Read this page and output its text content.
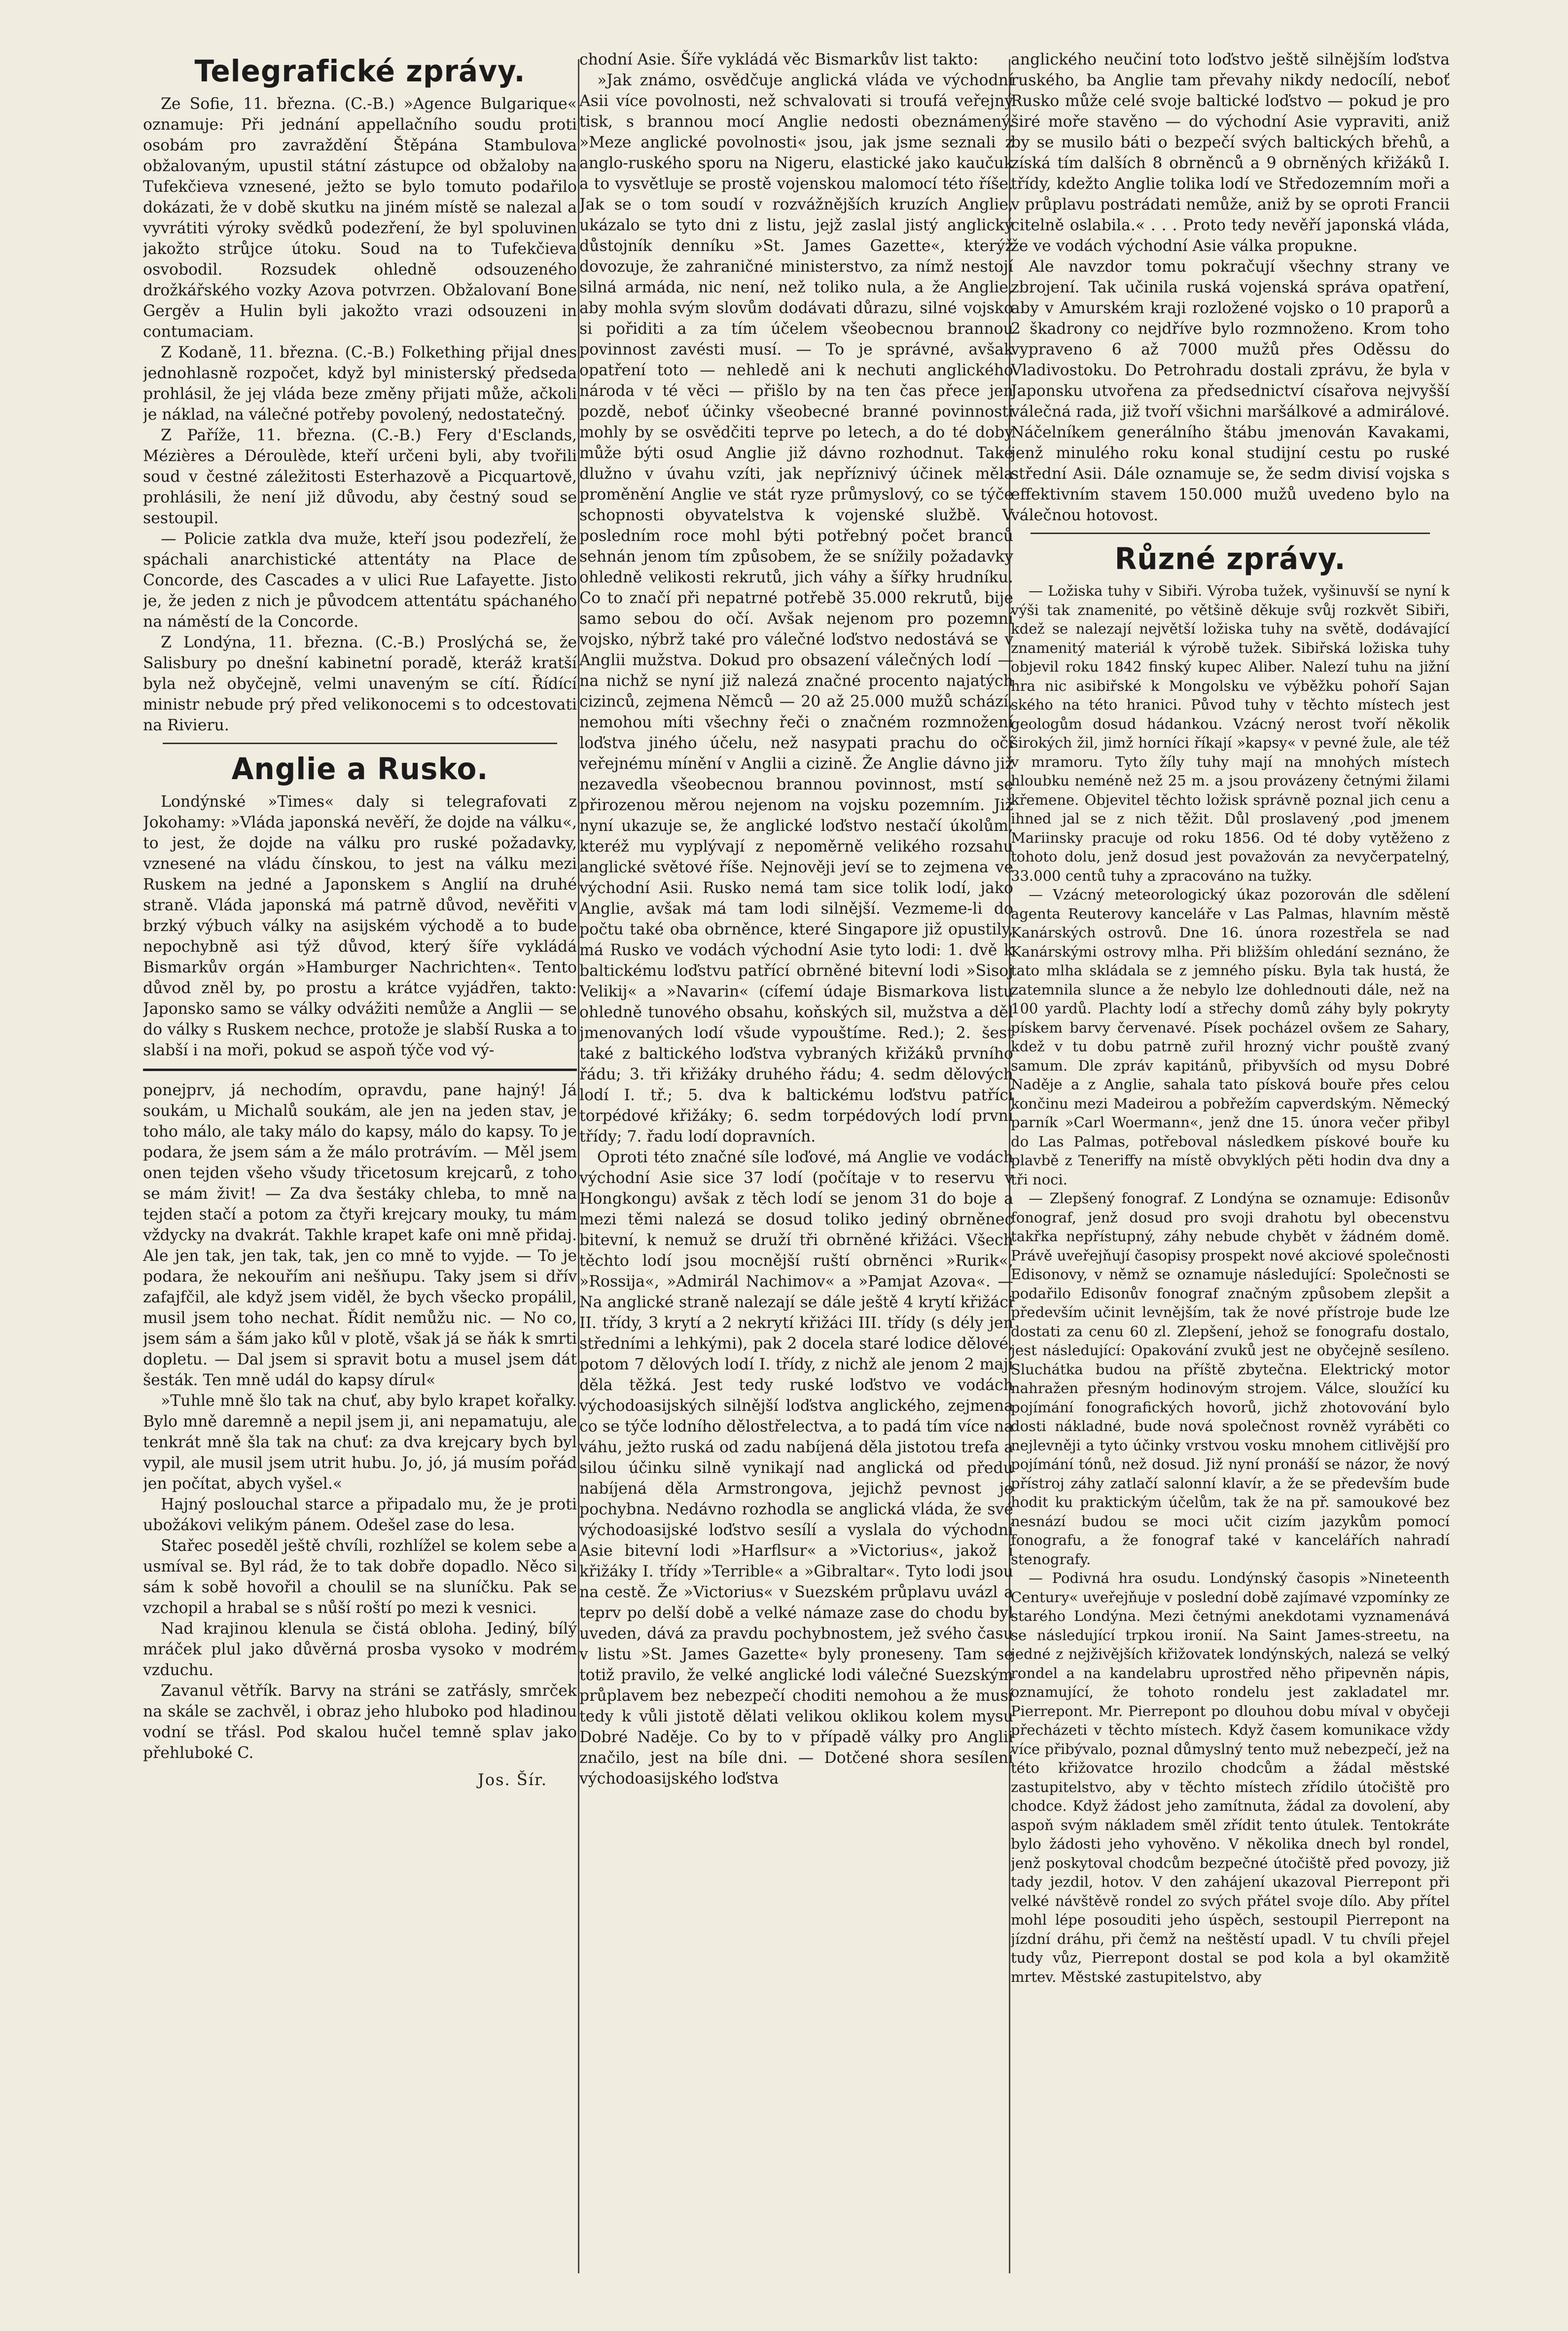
Telegrafické zprávy.

Ze Sofie, 11. března. (C.-B.) »Agence Bulgarique« oznamuje: Při jednání appellačního soudu proti osobám pro zavraždění Štěpána Stambulova obžalovaným, upustil státní zástupce od obžaloby na Tufekčieva vznesené, ježto se bylo tomuto podařilo dokázati, že v době skutku na jiném místě se nalezal a vyvrátiti výroky svědků podezření, že byl spoluvinen jakožto strůjce útoku. Soud na to Tufekčieva osvobodil. Rozsudek ohledně odsouzeného drožkářského vozky Azova potvrzen. Obžalovaní Bone Gergěv a Hulin byli jakožto vrazi odsouzeni in contumaciam.

Z Kodaně, 11. března. (C.-B.) Folkething přijal dnes jednohlasně rozpočet, když byl ministerský předseda prohlásil, že jej vláda beze změny přijati může, ačkoli je náklad, na válečné potřeby povolený, nedostatečný.

Z Paříže, 11. března. (C.-B.) Fery d'Esclands, Mézières a Déroulède, kteří určeni byli, aby tvořili soud v čestné záležitosti Esterhazově a Picquartově, prohlásili, že není již důvodu, aby čestný soud se sestoupil.

— Policie zatkla dva muže, kteří jsou podezřelí, že spáchali anarchistické attentáty na Place de Concorde, des Cascades a v ulici Rue Lafayette. Jisto je, že jeden z nich je původcem attentátu spáchaného na náměstí de la Concorde.

Z Londýna, 11. března. (C.-B.) Proslýchá se, že Salisbury po dnešní kabinetní poradě, kteráž kratší byla než obyčejně, velmi unaveným se cítí. Řídící ministr nebude prý před velikonocemi s to odcestovati na Rivieru.

Anglie a Rusko.

Londýnské »Times« daly si telegrafovati z Jokohamy: »Vláda japonská nevěří, že dojde na válku«, to jest, že dojde na válku pro ruské požadavky, vznesené na vládu čínskou, to jest na válku mezi Ruskem na jedné a Japonskem s Anglií na druhé straně. Vláda japonská má patrně důvod, nevěřiti v brzký výbuch války na asijském východě a to bude nepochybně asi týž důvod, který šíře vykládá Bismarkův orgán »Hamburger Nachrichten«. Tento důvod zněl by, po prostu a krátce vyjádřen, takto: Japonsko samo se války odvážiti nemůže a Anglii — se do války s Ruskem nechce, protože je slabší Ruska a to slabší i na moři, pokud se aspoň týče vod vý-

ponejprv, já nechodím, opravdu, pane hajný! Já soukám, u Michalů soukám, ale jen na jeden stav, je toho málo, ale taky málo do kapsy, málo do kapsy. To je podara, že jsem sám a že málo protrávím. — Měl jsem onen tejden všeho všudy třicetosum krejcarů, z toho se mám živit! — Za dva šestáky chleba, to mně na tejden stačí a potom za čtyři krejcary mouky, tu mám vždycky na dvakrát. Takhle krapet kafe oni mně přidaj. Ale jen tak, jen tak, tak, jen co mně to vyjde. — To je podara, že nekouřím ani nešňupu. Taky jsem si dřív zafajfčil, ale když jsem viděl, že bych všecko propálil, musil jsem toho nechat. Řídit nemůžu nic. — No co, jsem sám a šám jako kůl v plotě, však já se ňák k smrti dopletu. — Dal jsem si spravit botu a musel jsem dát šesták. Ten mně udál do kapsy dírul«

»Tuhle mně šlo tak na chuť, aby bylo krapet kořalky. Bylo mně daremně a nepil jsem ji, ani nepamatuju, ale tenkrát mně šla tak na chuť: za dva krejcary bych byl vypil, ale musil jsem utrit hubu. Jo, jó, já musím pořád jen počítat, abych vyšel.«

Hajný poslouchal starce a připadalo mu, že je proti ubožákovi velikým pánem. Odešel zase do lesa.

Stařec poseděl ještě chvíli, rozhlížel se kolem sebe a usmíval se. Byl rád, že to tak dobře dopadlo. Něco si sám k sobě hovořil a choulil se na sluníčku. Pak se vzchopil a hrabal se s nůší roští po mezi k vesnici.

Nad krajinou klenula se čistá obloha. Jediný, bílý mráček plul jako důvěrná prosba vysoko v modrém vzduchu.

Zavanul větřík. Barvy na stráni se zatřásly, smrček na skále se zachvěl, i obraz jeho hluboko pod hladinou vodní se třásl. Pod skalou hučel temně splav jako přehluboké C.

Jos. Šír.

chodní Asie. Šíře vykládá věc Bismarkův list takto:

»Jak známo, osvědčuje anglická vláda ve východní Asii více povolnosti, než schvalovati si troufá veřejný tisk, s brannou mocí Anglie nedosti obeznámený. »Meze anglické povolnosti« jsou, jak jsme seznali z anglo-ruského sporu na Nigeru, elastické jako kaučuk a to vysvětluje se prostě vojenskou malomocí této říše. Jak se o tom soudí v rozvážnějších kruzích Anglie, ukázalo se tyto dni z listu, jejž zaslal jistý anglický důstojník denníku »St. James Gazette«, kterýž dovozuje, že zahraničné ministerstvo, za nímž nestojí silná armáda, nic není, než toliko nula, a že Anglie, aby mohla svým slovům dodávati důrazu, silné vojsko si pořiditi a za tím účelem všeobecnou brannou povinnost zavésti musí. — To je správné, avšak opatření toto — nehledě ani k nechuti anglického národa v té věci — přišlo by na ten čas přece jen pozdě, neboť účinky všeobecné branné povinnosti mohly by se osvědčiti teprve po letech, a do té doby může býti osud Anglie již dávno rozhodnut. Také dlužno v úvahu vzíti, jak nepříznivý účinek měla proměnění Anglie ve stát ryze průmyslový, co se týče schopnosti obyvatelstva k vojenské službě. V posledním roce mohl býti potřebný počet branců sehnán jenom tím způsobem, že se snížily požadavky ohledně velikosti rekrutů, jich váhy a šířky hrudníku. Co to značí při nepatrné potřebě 35.000 rekrutů, bije samo sebou do očí. Avšak nejenom pro pozemní vojsko, nýbrž také pro válečné loďstvo nedostává se v Anglii mužstva. Dokud pro obsazení válečných lodí — na nichž se nyní již nalezá značné procento najatých cizinců, zejmena Němců — 20 až 25.000 mužů schází, nemohou míti všechny řeči o značném rozmnožení loďstva jiného účelu, než nasypati prachu do očí veřejnému mínění v Anglii a cizině. Že Anglie dávno již nezavedla všeobecnou brannou povinnost, mstí se přirozenou měrou nejenom na vojsku pozemním. Již nyní ukazuje se, že anglické loďstvo nestačí úkolům, kteréž mu vyplývají z nepoměrně velikého rozsahu anglické světové říše. Nejnověji jeví se to zejmena ve východní Asii. Rusko nemá tam sice tolik lodí, jako Anglie, avšak má tam lodi silnější. Vezmeme-li do počtu také oba obrněnce, které Singapore již opustily, má Rusko ve vodách východní Asie tyto lodi: 1. dvě k baltickému loďstvu patřící obrněné bitevní lodi »Sisoj Velikij« a »Navarin« (cífemí údaje Bismarkova listu ohledně tunového obsahu, koňských sil, mužstva a děl jmenovaných lodí všude vypouštíme. Red.); 2. šest také z baltického loďstva vybraných křižáků prvního řádu; 3. tři křižáky druhého řádu; 4. sedm dělových lodí I. tř.; 5. dva k baltickému loďstvu patřící torpédové křižáky; 6. sedm torpédových lodí první třídy; 7. řadu lodí dopravních.

Oproti této značné síle loďové, má Anglie ve vodách východní Asie sice 37 lodí (počítaje v to reservu v Hongkongu) avšak z těch lodí se jenom 31 do boje a mezi těmi nalezá se dosud toliko jediný obrněnec bitevní, k nemuž se druží tři obrněné křižáci. Všech těchto lodí jsou mocnější ruští obrněnci »Rurik«, »Rossija«, »Admirál Nachimov« a »Pamjat Azova«. — Na anglické straně nalezají se dále ještě 4 krytí křižáci II. třídy, 3 krytí a 2 nekrytí křižáci III. třídy (s dély jen středními a lehkými), pak 2 docela staré lodice dělové, potom 7 dělových lodí I. třídy, z nichž ale jenom 2 mají děla těžká. Jest tedy ruské loďstvo ve vodách východoasijských silnější loďstva anglického, zejmena co se týče lodního dělostřelectva, a to padá tím více na váhu, ježto ruská od zadu nabíjená děla jistotou trefa a silou účinku silně vynikají nad anglická od předu nabíjená děla Armstrongova, jejichž pevnost je pochybna. Nedávno rozhodla se anglická vláda, že své východoasijské loďstvo sesílí a vyslala do východní Asie bitevní lodi »Harflsur« a »Victorius«, jakož i křižáky I. třídy »Terrible« a »Gibraltar«. Tyto lodi jsou na cestě. Že »Victorius« v Suezském průplavu uvázl a teprv po delší době a velké námaze zase do chodu byl uveden, dává za pravdu pochybnostem, jež svého času v listu »St. James Gazette« byly proneseny. Tam se totiž pravilo, že velké anglické lodi válečné Suezským průplavem bez nebezpečí choditi nemohou a že musí tedy k vůli jistotě dělati velikou oklikou kolem mysu Dobré Naděje. Co by to v případě války pro Anglii značilo, jest na bíle dni. — Dotčené shora sesílení východoasijského loďstva

anglického neučiní toto loďstvo ještě silnějším loďstva ruského, ba Anglie tam převahy nikdy nedocílí, neboť Rusko může celé svoje baltické loďstvo — pokud je pro širé moře stavěno — do východní Asie vypraviti, aniž by se musilo báti o bezpečí svých baltických břehů, a získá tím dalších 8 obrněnců a 9 obrněných křižáků I. třídy, kdežto Anglie tolika lodí ve Středozemním moři a v průplavu postrádati nemůže, aniž by se oproti Francii citelně oslabila.« . . . Proto tedy nevěří japonská vláda, že ve vodách východní Asie válka propukne.

Ale navzdor tomu pokračují všechny strany ve zbrojení. Tak učinila ruská vojenská správa opatření, aby v Amurském kraji rozložené vojsko o 10 praporů a 2 škadrony co nejdříve bylo rozmnoženo. Krom toho vypraveno 6 až 7000 mužů přes Oděssu do Vladivostoku. Do Petrohradu dostali zprávu, že byla v Japonsku utvořena za předsednictví císařova nejvyšší válečná rada, již tvoří všichni maršálkové a admirálové. Náčelníkem generálního štábu jmenován Kavakami, jenž minulého roku konal studijní cestu po ruské střední Asii. Dále oznamuje se, že sedm divisí vojska s effektivním stavem 150.000 mužů uvedeno bylo na válečnou hotovost.

Různé zprávy.

— Ložiska tuhy v Sibiři. Výroba tužek, vyšinuvší se nyní k výši tak znamenité, po většině děkuje svůj rozkvět Sibiři, kdež se nalezají největší ložiska tuhy na světě, dodávající znamenitý materiál k výrobě tužek. Sibiřská ložiska tuhy objevil roku 1842 finský kupec Aliber. Nalezí tuhu na jižní hra nic asibiřské k Mongolsku ve výběžku pohoří Sajan ského na této hranici. Původ tuhy v těchto místech jest geologům dosud hádankou. Vzácný nerost tvoří několik širokých žil, jimž horníci říkají »kapsy« v pevné žule, ale též v mramoru. Tyto žíly tuhy mají na mnohých místech hloubku neméně než 25 m. a jsou provázeny četnými žilami křemene. Objevitel těchto ložisk správně poznal jich cenu a ihned jal se z nich těžit. Důl proslavený ,pod jmenem Mariinsky pracuje od roku 1856. Od té doby vytěženo z tohoto dolu, jenž dosud jest považován za nevyčerpatelný, 33.000 centů tuhy a zpracováno na tužky.

— Vzácný meteorologický úkaz pozorován dle sdělení agenta Reuterovy kanceláře v Las Palmas, hlavním městě Kanárských ostrovů. Dne 16. února rozestřela se nad Kanárskými ostrovy mlha. Při bližším ohledání seznáno, že tato mlha skládala se z jemného písku. Byla tak hustá, že zatemnila slunce a že nebylo lze dohlednouti dále, než na 100 yardů. Plachty lodí a střechy domů záhy byly pokryty pískem barvy červenavé. Písek pocházel ovšem ze Sahary, kdež v tu dobu patrně zuřil hrozný vichr pouště zvaný samum. Dle zpráv kapitánů, přibyvších od mysu Dobré Naděje a z Anglie, sahala tato písková bouře přes celou končinu mezi Madeirou a pobřežím capverdským. Německý parník »Carl Woermann«, jenž dne 15. února večer přibyl do Las Palmas, potřeboval následkem pískové bouře ku plavbě z Teneriffy na místě obvyklých pěti hodin dva dny a tři noci.

— Zlepšený fonograf. Z Londýna se oznamuje: Edisonův fonograf, jenž dosud pro svoji drahotu byl obecenstvu takřka nepřístupný, záhy nebude chybět v žádném domě. Právě uveřejňují časopisy prospekt nové akciové společnosti Edisonovy, v němž se oznamuje následující: Společnosti se podařilo Edisonův fonograf značným způsobem zlepšit a především učinit levnějším, tak že nové přístroje bude lze dostati za cenu 60 zl. Zlepšení, jehož se fonografu dostalo, jest následující: Opakování zvuků jest ne obyčejně sesíleno. Sluchátka budou na příště zbytečna. Elektrický motor nahražen přesným hodinovým strojem. Válce, sloužící ku pojímání fonografických hovorů, jichž zhotovování bylo dosti nákladné, bude nová společnost rovněž vyráběti co nejlevněji a tyto účinky vrstvou vosku mnohem citlivější pro pojímání tónů, než dosud. Již nyní pronáší se názor, že nový přístroj záhy zatlačí salonní klavír, a že se především bude hodit ku praktickým účelům, tak že na př. samoukové bez nesnází budou se moci učit cizím jazykům pomocí fonografu, a že fonograf také v kancelářích nahradí stenografy.

— Podivná hra osudu. Londýnský časopis »Nineteenth Century« uveřejňuje v poslední době zajímavé vzpomínky ze starého Londýna. Mezi četnými anekdotami vyznamenává se následující trpkou ironií. Na Saint James-streetu, na jedné z nejživějších křižovatek londýnských, nalezá se velký rondel a na kandelabru uprostřed něho připevněn nápis, oznamující, že tohoto rondelu jest zakladatel mr. Pierrepont. Mr. Pierrepont po dlouhou dobu míval v obyčeji přecházeti v těchto místech. Když časem komunikace vždy více přibývalo, poznal důmyslný tento muž nebezpečí, jež na této křižovatce hrozilo chodcům a žádal městské zastupitelstvo, aby v těchto místech zřídilo útočiště pro chodce. Když žádost jeho zamítnuta, žádal za dovolení, aby aspoň svým nákladem směl zřídit tento útulek. Tentokráte bylo žádosti jeho vyhověno. V několika dnech byl rondel, jenž poskytoval chodcům bezpečné útočiště před povozy, již tady jezdil, hotov. V den zahájení ukazoval Pierrepont při velké návštěvě rondel zo svých přátel svoje dílo. Aby přítel mohl lépe posouditi jeho úspěch, sestoupil Pierrepont na jízdní dráhu, při čemž na neštěstí upadl. V tu chvíli přejel tudy vůz, Pierrepont dostal se pod kola a byl okamžitě mrtev. Městské zastupitelstvo, aby
